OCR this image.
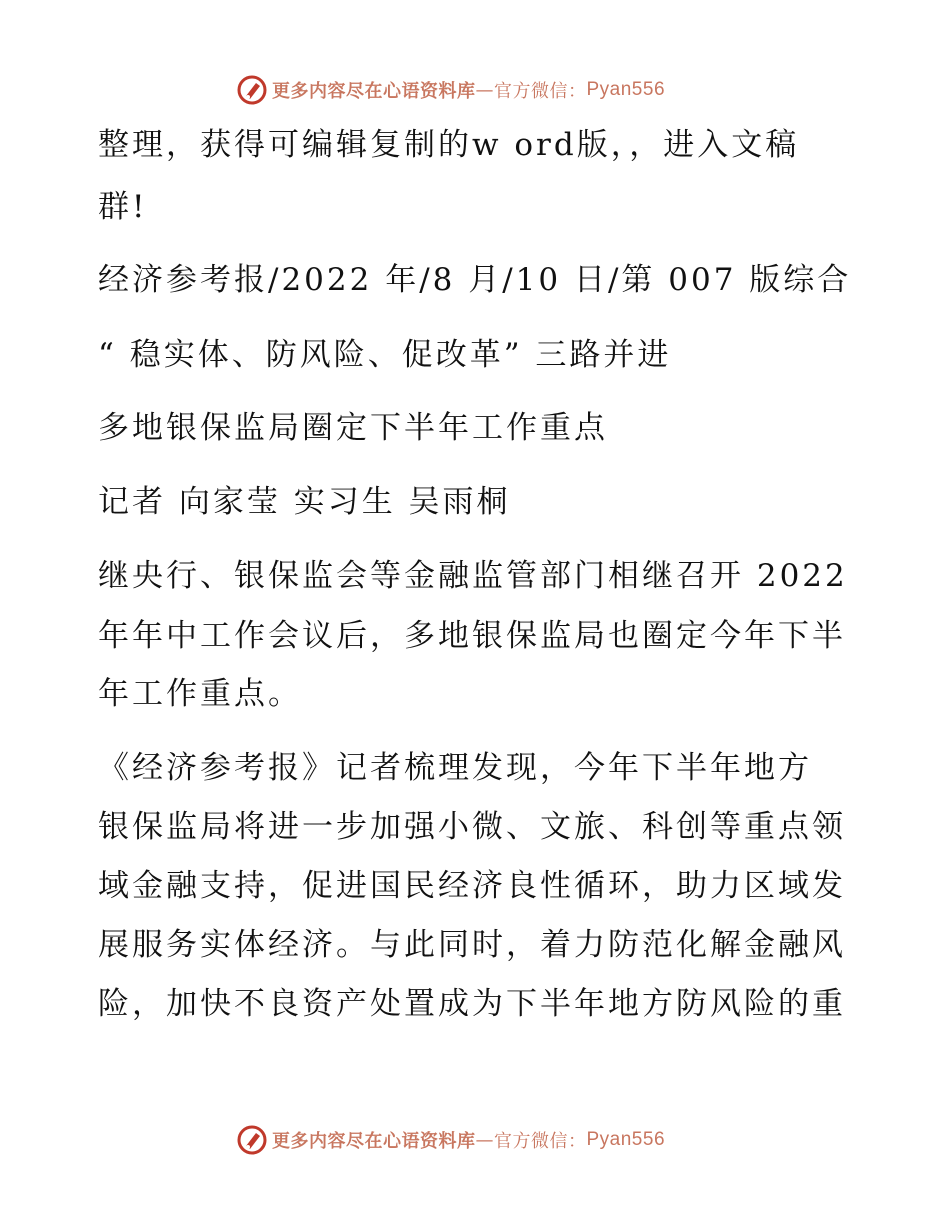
更多内容尽在心语资料库 — 官方微信： Pyan556
整理，获得可编辑复制的w ord版，，进入文稿
群!
经济参考报/2022 年/8 月/10 日/第 007 版综合
“ 稳实体、防风险、促改革” 三路并进
多地银保监局圈定下半年工作重点
记者 向家莹 实习生 吴雨桐
继央行、银保监会等金融监管部门相继召开 2022
年年中工作会议后，多地银保监局也圈定今年下半
年工作重点。
《经济参考报》记者梳理发现，今年下半年地方
银保监局将进一步加强小微、文旅、科创等重点领
域金融支持，促进国民经济良性循环，助力区域发
展服务实体经济。与此同时，着力防范化解金融风
险，加快不良资产处置成为下半年地方防风险的重
更多内容尽在心语资料库 — 官方微信： Pyan556
